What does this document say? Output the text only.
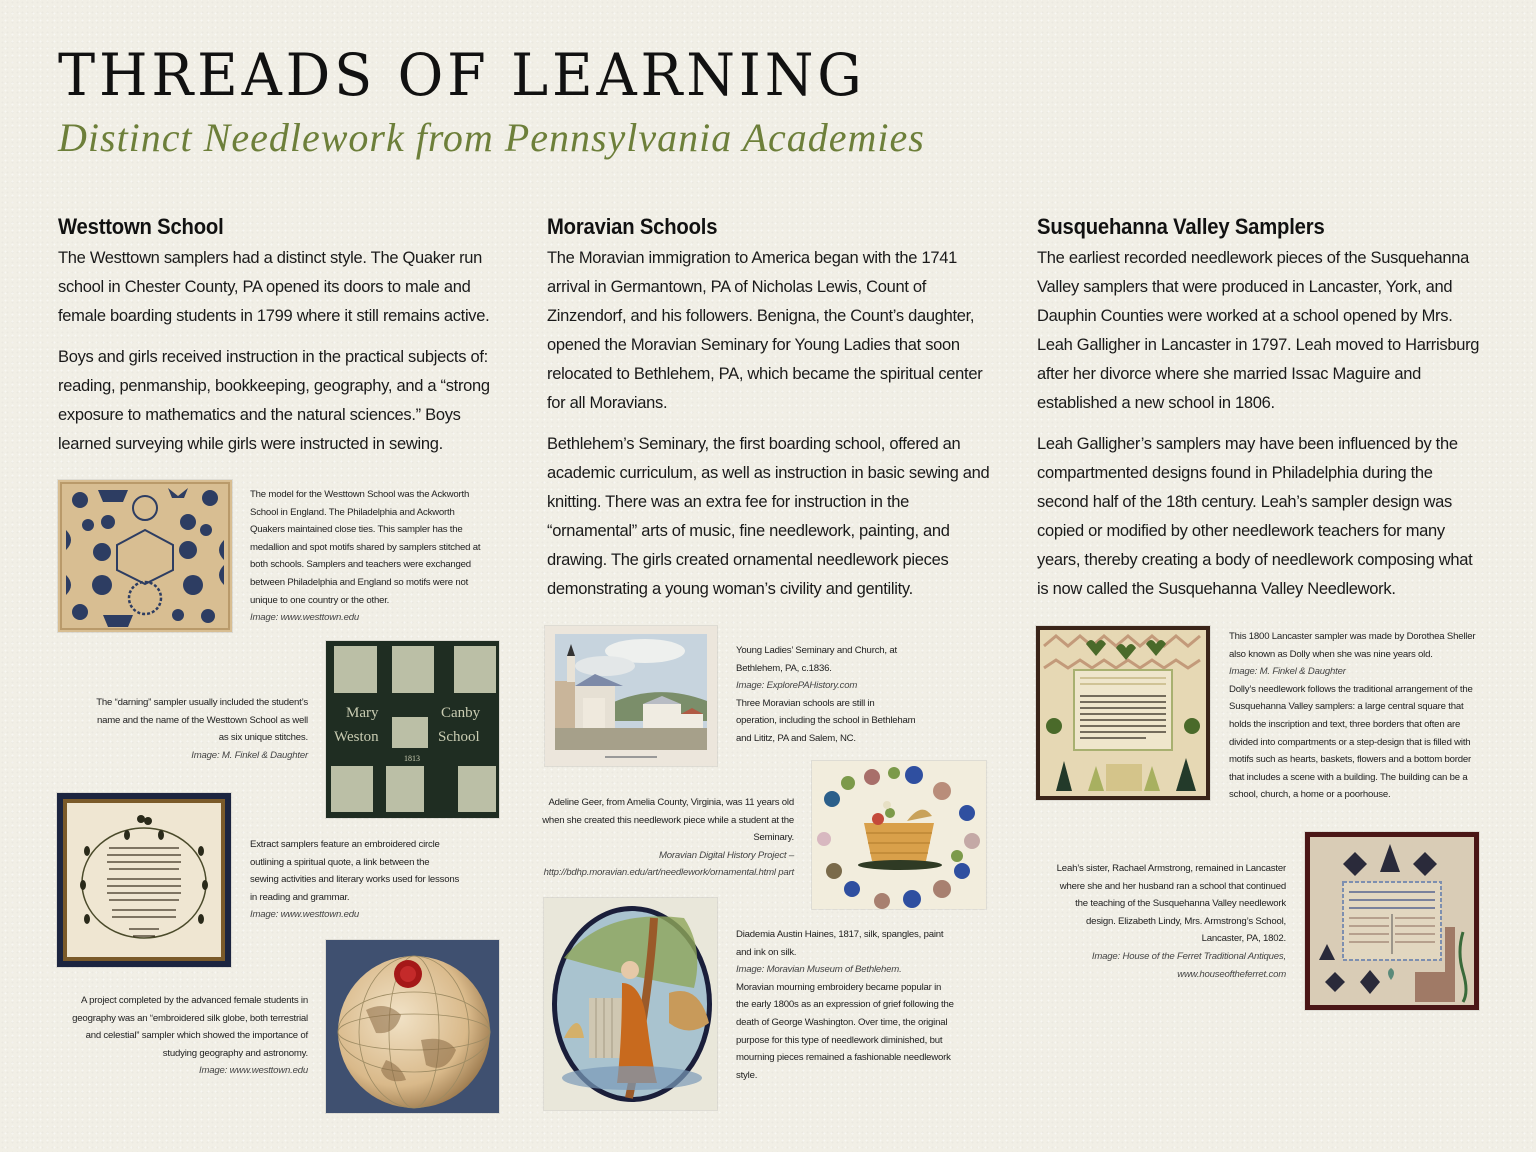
THREADS OF LEARNING
Distinct Needlework from Pennsylvania Academies
Westtown School

The Westtown samplers had a distinct style. The Quaker run school in Chester County, PA opened its doors to male and female boarding students in 1799 where it still remains active.

Boys and girls received instruction in the practical subjects of: reading, penmanship, bookkeeping, geography, and a “strong exposure to mathematics and the natural sciences.” Boys learned surveying while girls were instructed in sewing.

The model for the Westtown School was the Ackworth School in England. The Philadelphia and Ackworth Quakers maintained close ties. This sampler has the medallion and spot motifs shared by samplers stitched at both schools. Samplers and teachers were exchanged between Philadelphia and England so motifs were not unique to one country or the other.
Image: www.westtown.edu
The “darning” sampler usually included the student’s name and the name of the Westtown School as well as six unique stitches.
Image: M. Finkel & Daughter
Mary
Weston
Canby
School
1813
Extract samplers feature an embroidered circle outlining a spiritual quote, a link between the sewing activities and literary works used for lessons in reading and grammar.
Image: www.westtown.edu
A project completed by the advanced female students in geography was an “embroidered silk globe, both terrestrial and celestial” sampler which showed the importance of studying geography and astronomy.
Image: www.westtown.edu
Moravian Schools

The Moravian immigration to America began with the 1741 arrival in Germantown, PA of Nicholas Lewis, Count of Zinzendorf, and his followers. Benigna, the Count’s daughter, opened the Moravian Seminary for Young Ladies that soon relocated to Bethlehem, PA, which became the spiritual center for all Moravians.

Bethlehem’s Seminary, the first boarding school, offered an academic curriculum, as well as instruction in basic sewing and knitting. There was an extra fee for instruction in the “ornamental” arts of music, fine needlework, painting, and drawing. The girls created ornamental needlework pieces demonstrating a young woman’s civility and gentility.

Young Ladies’ Seminary and Church, at Bethlehem, PA, c.1836.
Image: ExplorePAHistory.com
Three Moravian schools are still in operation, including the school in Bethleham and Lititz, PA and Salem, NC.
Adeline Geer, from Amelia County, Virginia, was 11 years old when she created this needlework piece while a student at the Seminary.
Moravian Digital History Project – http://bdhp.moravian.edu/art/needlework/ornamental.html part
Diademia Austin Haines, 1817, silk, spangles, paint and ink on silk.
Image: Moravian Museum of Bethlehem.
Moravian mourning embroidery became popular in the early 1800s as an expression of grief following the death of George Washington. Over time, the original purpose for this type of needlework diminished, but mourning pieces remained a fashionable needlework style.
Susquehanna Valley Samplers

The earliest recorded needlework pieces of the Susquehanna Valley samplers that were produced in Lancaster, York, and Dauphin Counties were worked at a school opened by Mrs. Leah Galligher in Lancaster in 1797. Leah moved to Harrisburg after her divorce where she married Issac Maguire and established a new school in 1806.

Leah Galligher’s samplers may have been influenced by the compartmented designs found in Philadelphia during the second half of the 18th century. Leah’s sampler design was copied or modified by other needlework teachers for many years, thereby creating a body of needlework composing what is now called the Susquehanna Valley Needlework.

This 1800 Lancaster sampler was made by Dorothea Sheller also known as Dolly when she was nine years old.
Image: M. Finkel & Daughter
Dolly’s needlework follows the traditional arrangement of the Susquehanna Valley samplers: a large central square that holds the inscription and text, three borders that often are divided into compartments or a step-design that is filled with motifs such as hearts, baskets, flowers and a bottom border that includes a scene with a building. The building can be a school, church, a home or a poorhouse.
Leah’s sister, Rachael Armstrong, remained in Lancaster where she and her husband ran a school that continued the teaching of the Susquehanna Valley needlework design. Elizabeth Lindy, Mrs. Armstrong’s School, Lancaster, PA, 1802.
Image: House of the Ferret Traditional Antiques, www.houseoftheferret.com
